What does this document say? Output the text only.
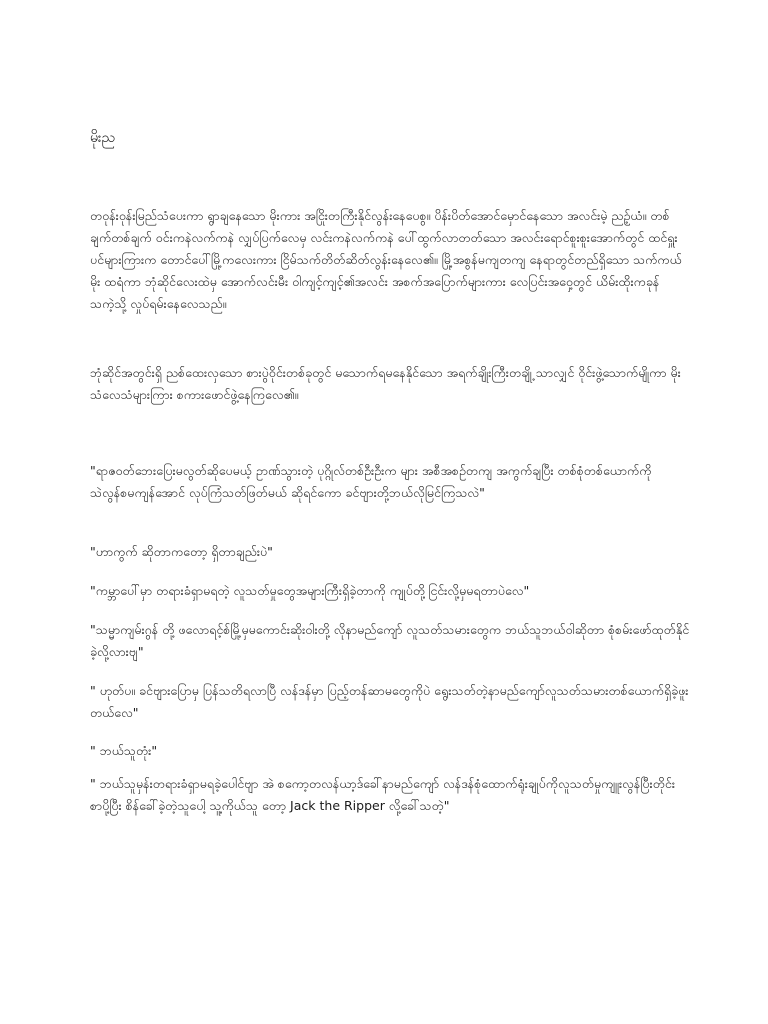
မိုးည

တဝုန်းဝုန်းမြည်သံပေးကာ ရွာချနေသော မိုးကား အငြိုးတကြီးနိုင်လွန်းနေပေစွ။ ပိန်းပိတ်အောင်မှောင်နေသော အလင်းမဲ့ ညဥ့်ယံ။ တစ်ချက်တစ်ချက် ဝင်းကနဲလက်ကနဲ လျှပ်ပြက်လေမှ လင်းကနဲလက်ကနဲ ပေါ်ထွက်လာတတ်သော အလင်းရောင်စူးစူးအောက်တွင် ထင်ရှူးပင်များကြားက တောင်ပေါ်မြို့ကလေးကား ငြိမ်သက်တိတ်ဆိတ်လွန်းနေလေ၏။ မြို့အစွန်မကျတကျ နေရာတွင်တည်ရှိသော သက်ကယ်မိုး ထရံကာ ဘုံဆိုင်လေးထဲမှ အောက်လင်းမီး ဝါကျင့်ကျင့်၏အလင်း အစက်အပြောက်များကား လေပြင်းအဝှေ့တွင် ယိမ်းထိုးကခုန်သကဲ့သို့ လှုပ်ရမ်းနေလေသည်။

ဘုံဆိုင်အတွင်းရှိ ညစ်ထေးလှသော စားပွဲဝိုင်းတစ်ခုတွင် မသောက်ရမနေနိုင်သော အရက်ချိုးကြီးတချို့ သာလျှင် ဝိုင်းဖွဲ့သောက်မျိုကာ မိုးသံလေသံများကြား စကားဖောင်ဖွဲ့နေကြလေ၏။

"ရာဇဝတ်ဘေးပြေးမလွတ်ဆိုပေမယ့် ဥာဏ်သွားတဲ့ ပုဂ္ဂိုလ်တစ်ဦးဦးက များ အစီအစဉ်တကျ အကွက်ချပြီး တစ်စုံတစ်ယောက်ကို သဲလွန်စမကျန်အောင် လုပ်ကြံသတ်ဖြတ်မယ် ဆိုရင်ကော ခင်ဗျားတို့ဘယ်လိုမြင်ကြသလဲ"

"ဟာကွက် ဆိုတာကတော့ ရှိတာချည်းပဲ"

"ကမ္ဘာပေါ်မှာ တရားခံရှာမရတဲ့ လူသတ်မှုတွေအများကြီးရှိခဲ့တာကို ကျုပ်တို့ငြင်းလို့မှမရတာပဲလေ"

"သမ္မာကျမ်းဂွန် တို့ ဖလောရင့်စ်မြို့မှမကောင်းဆိုးဝါးတို့ လိုနာမည်ကျော် လူသတ်သမားတွေက ဘယ်သူဘယ်ဝါဆိုတာ စုံစမ်းဖော်ထုတ်နိုင်ခဲ့လို့လားဗျ"

" ဟုတ်ပ။ ခင်ဗျားပြောမှ ပြန်သတိရလာပြီ လန်ဒန်မှာ ပြည့်တန်ဆာမတွေကိုပဲ ရွေးသတ်တဲ့နာမည်ကျော်လူသတ်သမားတစ်ယောက်ရှိခဲ့ဖူးတယ်လေ"

" ဘယ်သူတုံး"

" ဘယ်သူမှန်းတရားခံရှာမရခဲ့ပေါင်ဗျာ အဲ စကော့တလန်ယာ့ဒ်ခေါ်နာမည်ကျော် လန်ဒန်စုံထောက်ရုံးချုပ်ကိုလူသတ်မှုကျူးလွန်ပြီးတိုင်း စာပို့ပြီး စိန်ခေါ်ခဲ့တဲ့သူပေါ့ သူ့ကိုယ်သူ တော့ Jack the Ripper လို့ခေါ်သတဲ့"
